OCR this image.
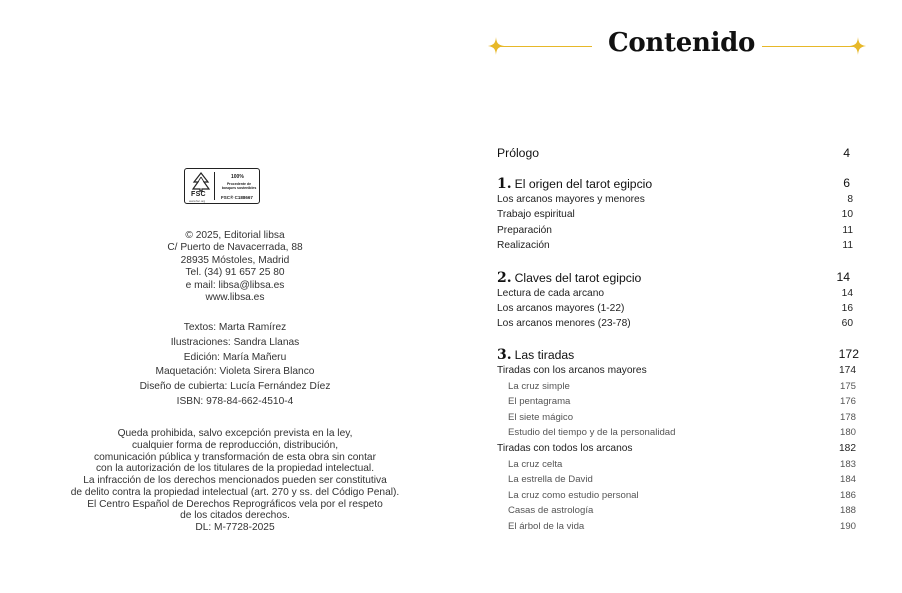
FSC
www.fsc.org
100%
Procedente de bosques sostenibles
FSC® C188667
© 2025, Editorial libsa
C/ Puerto de Navacerrada, 88
28935 Móstoles, Madrid
Tel. (34) 91 657 25 80
e mail: libsa@libsa.es
www.libsa.es
Textos: Marta Ramírez
Ilustraciones: Sandra Llanas
Edición: María Mañeru
Maquetación: Violeta Sirera Blanco
Diseño de cubierta: Lucía Fernández Díez
ISBN: 978-84-662-4510-4
Queda prohibida, salvo excepción prevista en la ley,
cualquier forma de reproducción, distribución,
comunicación pública y transformación de esta obra sin contar
con la autorización de los titulares de la propiedad intelectual.
La infracción de los derechos mencionados pueden ser constitutiva
de delito contra la propiedad intelectual (art. 270 y ss. del Código Penal).
El Centro Español de Derechos Reprográficos vela por el respeto
de los citados derechos.
DL: M-7728-2025
Contenido
Prólogo	4
1. El origen del tarot egipcio	6
Los arcanos mayores y menores	8
Trabajo espiritual	10
Preparación	11
Realización	11
2. Claves del tarot egipcio	14
Lectura de cada arcano	14
Los arcanos mayores (1-22)	16
Los arcanos menores (23-78)	60
3. Las tiradas	172
Tiradas con los arcanos mayores	174
La cruz simple	175
El pentagrama	176
El siete mágico	178
Estudio del tiempo y de la personalidad	180
Tiradas con todos los arcanos	182
La cruz celta	183
La estrella de David	184
La cruz como estudio personal	186
Casas de astrología	188
El árbol de la vida	190
